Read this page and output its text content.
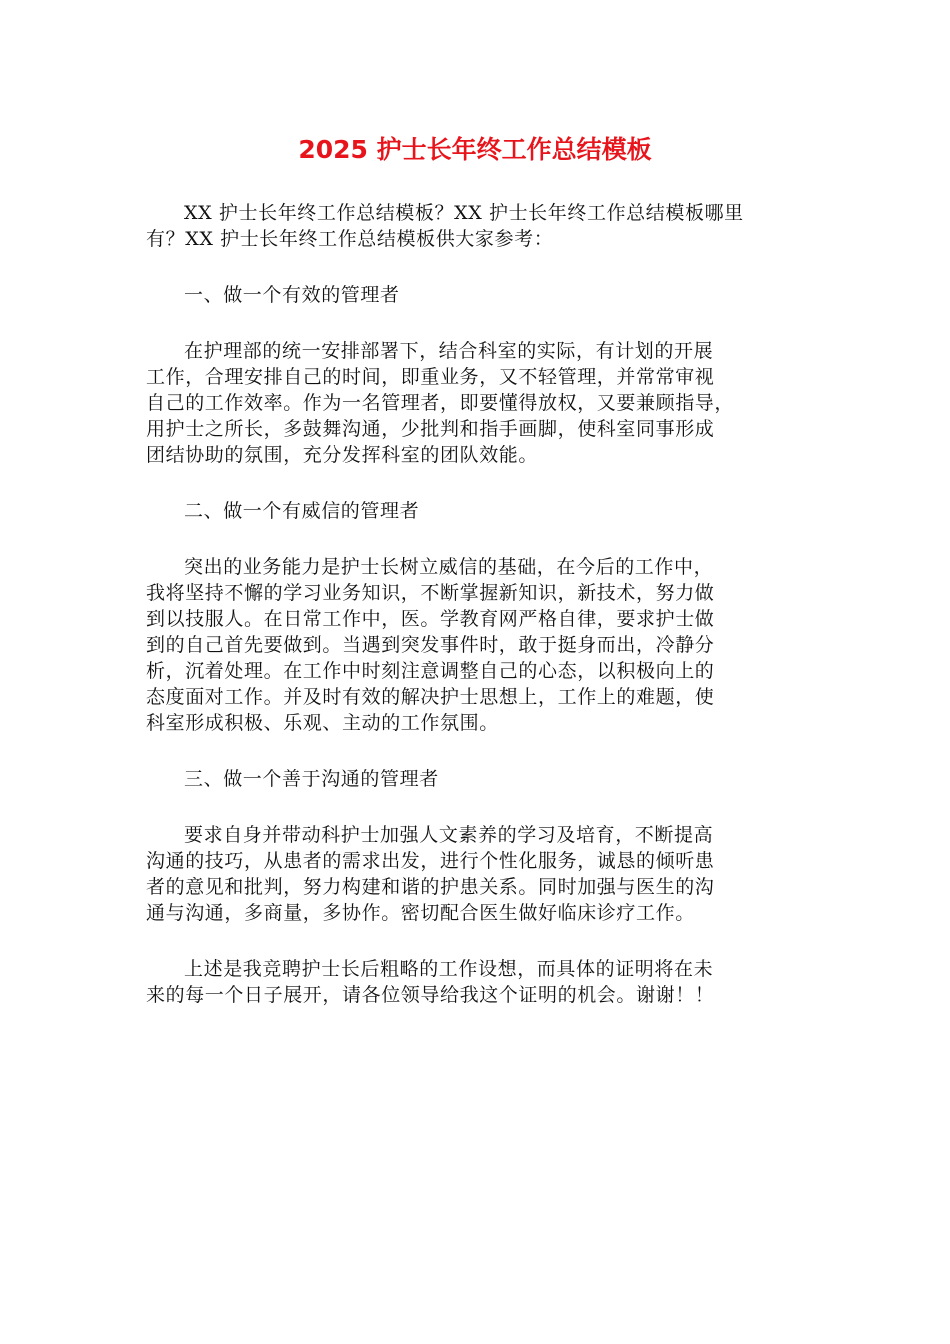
2025 护士长年终工作总结模板

XX 护士长年终工作总结模板？XX 护士长年终工作总结模板哪里
有？XX 护士长年终工作总结模板供大家参考：

一、做一个有效的管理者

在护理部的统一安排部署下，结合科室的实际，有计划的开展
工作，合理安排自己的时间，即重业务，又不轻管理，并常常审视
自己的工作效率。作为一名管理者，即要懂得放权，又要兼顾指导，
用护士之所长，多鼓舞沟通，少批判和指手画脚，使科室同事形成
团结协助的氛围，充分发挥科室的团队效能。

二、做一个有威信的管理者

突出的业务能力是护士长树立威信的基础，在今后的工作中，
我将坚持不懈的学习业务知识，不断掌握新知识，新技术，努力做
到以技服人。在日常工作中，医。学教育网严格自律，要求护士做
到的自己首先要做到。当遇到突发事件时，敢于挺身而出，冷静分
析，沉着处理。在工作中时刻注意调整自己的心态，以积极向上的
态度面对工作。并及时有效的解决护士思想上，工作上的难题，使
科室形成积极、乐观、主动的工作氛围。

三、做一个善于沟通的管理者

要求自身并带动科护士加强人文素养的学习及培育，不断提高
沟通的技巧，从患者的需求出发，进行个性化服务，诚恳的倾听患
者的意见和批判，努力构建和谐的护患关系。同时加强与医生的沟
通与沟通，多商量，多协作。密切配合医生做好临床诊疗工作。

上述是我竞聘护士长后粗略的工作设想，而具体的证明将在未
来的每一个日子展开，请各位领导给我这个证明的机会。谢谢！！
